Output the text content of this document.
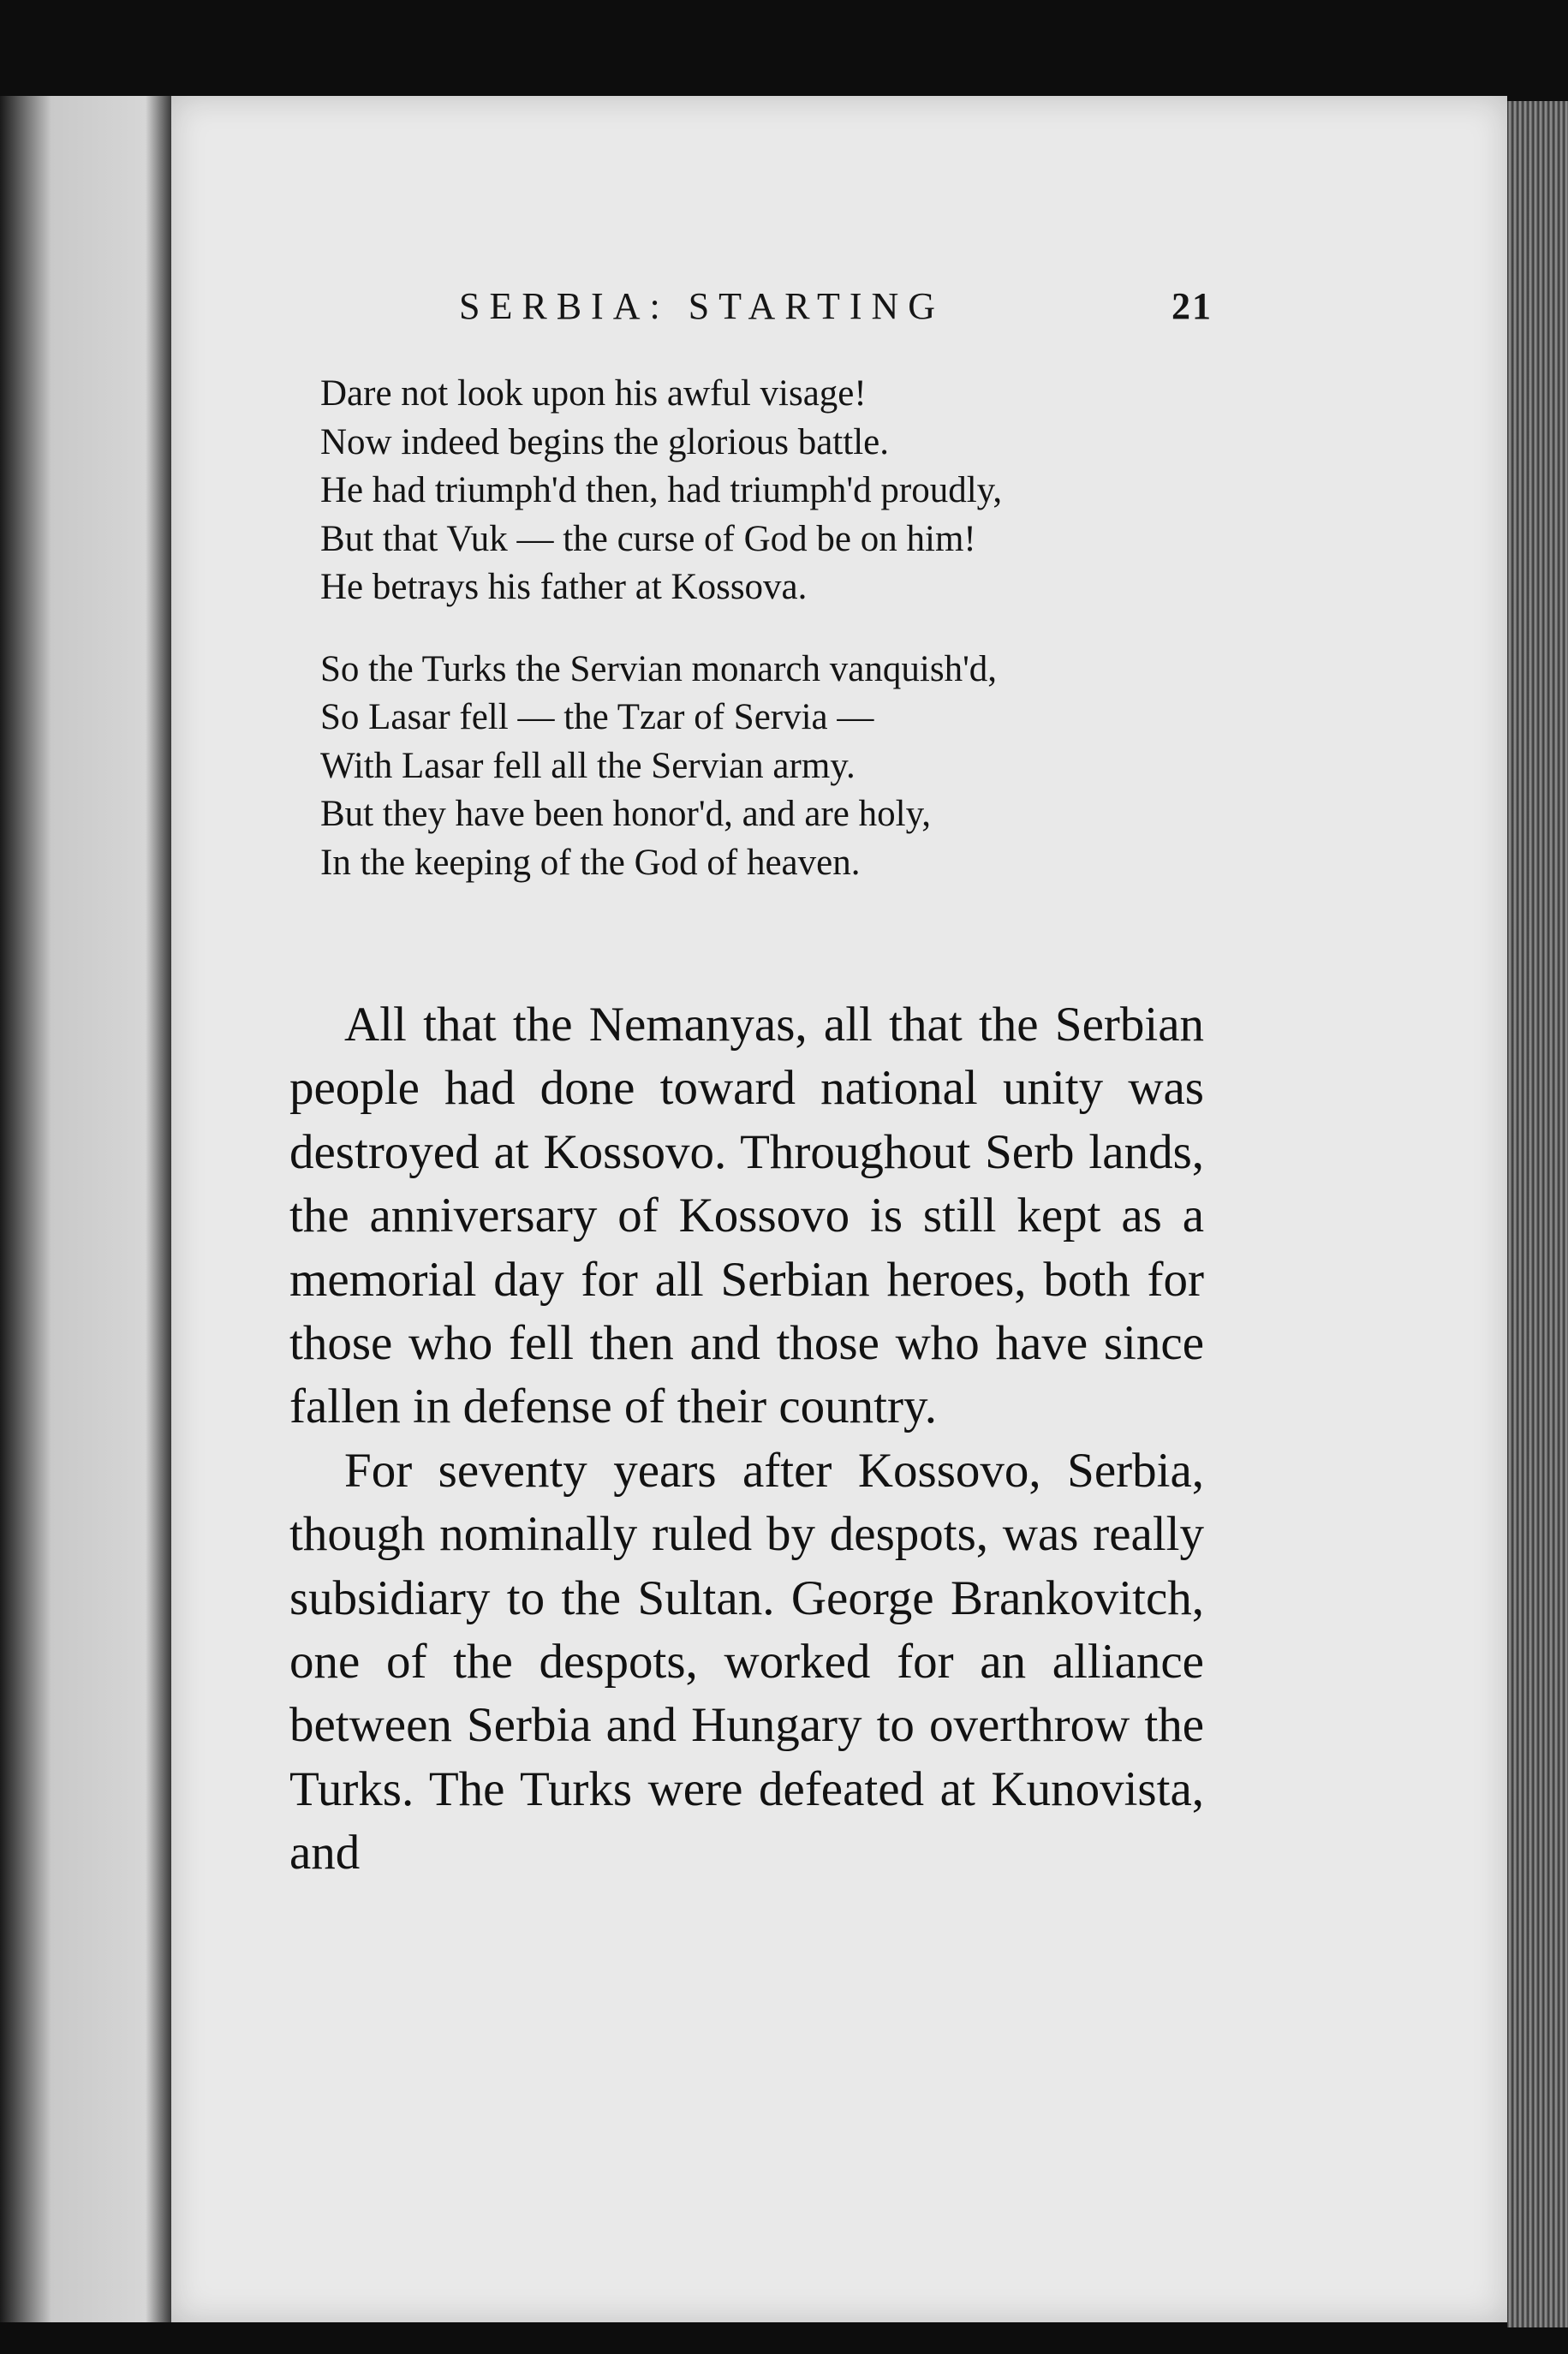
SERBIA: STARTING	21
Dare not look upon his awful visage!
Now indeed begins the glorious battle.
He had triumph'd then, had triumph'd proudly,
But that Vuk — the curse of God be on him!
He betrays his father at Kossova.
So the Turks the Servian monarch vanquish'd,
So Lasar fell — the Tzar of Servia —
With Lasar fell all the Servian army.
But they have been honor'd, and are holy,
In the keeping of the God of heaven.

All that the Nemanyas, all that the Serbian people had done toward national unity was destroyed at Kossovo. Throughout Serb lands, the anniversary of Kossovo is still kept as a memorial day for all Serbian heroes, both for those who fell then and those who have since fallen in defense of their country.

For seventy years after Kossovo, Serbia, though nominally ruled by despots, was really subsidiary to the Sultan. George Brankovitch, one of the despots, worked for an alliance between Serbia and Hungary to overthrow the Turks. The Turks were defeated at Kunovista, and
